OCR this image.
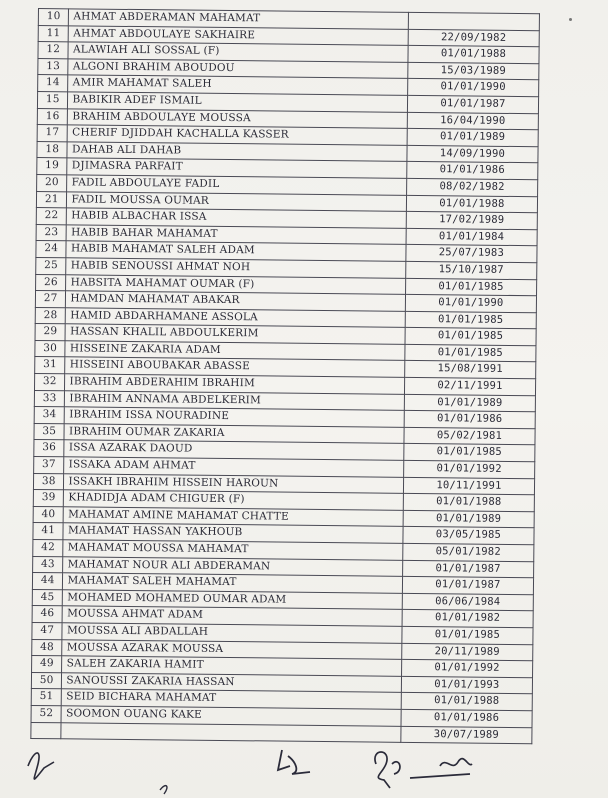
10	AHMAT ABDERAMAN MAHAMAT	
11	AHMAT ABDOULAYE SAKHAIRE	22/09/1982
12	ALAWIAH ALI SOSSAL (F)	01/01/1988
13	ALGONI BRAHIM ABOUDOU	15/03/1989
14	AMIR MAHAMAT SALEH	01/01/1990
15	BABIKIR ADEF ISMAIL	01/01/1987
16	BRAHIM ABDOULAYE MOUSSA	16/04/1990
17	CHERIF DJIDDAH KACHALLA KASSER	01/01/1989
18	DAHAB ALI DAHAB	14/09/1990
19	DJIMASRA PARFAIT	01/01/1986
20	FADIL ABDOULAYE FADIL	08/02/1982
21	FADIL MOUSSA OUMAR	01/01/1988
22	HABIB ALBACHAR ISSA	17/02/1989
23	HABIB BAHAR MAHAMAT	01/01/1984
24	HABIB MAHAMAT SALEH ADAM	25/07/1983
25	HABIB SENOUSSI AHMAT NOH	15/10/1987
26	HABSITA MAHAMAT OUMAR (F)	01/01/1985
27	HAMDAN MAHAMAT ABAKAR	01/01/1990
28	HAMID ABDARHAMANE ASSOLA	01/01/1985
29	HASSAN KHALIL ABDOULKERIM	01/01/1985
30	HISSEINE ZAKARIA ADAM	01/01/1985
31	HISSEINI ABOUBAKAR ABASSE	15/08/1991
32	IBRAHIM ABDERAHIM IBRAHIM	02/11/1991
33	IBRAHIM ANNAMA ABDELKERIM	01/01/1989
34	IBRAHIM ISSA NOURADINE	01/01/1986
35	IBRAHIM OUMAR ZAKARIA	05/02/1981
36	ISSA AZARAK DAOUD	01/01/1985
37	ISSAKA ADAM AHMAT	01/01/1992
38	ISSAKH IBRAHIM HISSEIN HAROUN	10/11/1991
39	KHADIDJA ADAM CHIGUER (F)	01/01/1988
40	MAHAMAT AMINE MAHAMAT CHATTE	01/01/1989
41	MAHAMAT HASSAN YAKHOUB	03/05/1985
42	MAHAMAT MOUSSA MAHAMAT	05/01/1982
43	MAHAMAT NOUR ALI ABDERAMAN	01/01/1987
44	MAHAMAT SALEH MAHAMAT	01/01/1987
45	MOHAMED MOHAMED OUMAR ADAM	06/06/1984
46	MOUSSA AHMAT ADAM	01/01/1982
47	MOUSSA ALI ABDALLAH	01/01/1985
48	MOUSSA AZARAK MOUSSA	20/11/1989
49	SALEH ZAKARIA HAMIT	01/01/1992
50	SANOUSSI ZAKARIA HASSAN	01/01/1993
51	SEID BICHARA MAHAMAT	01/01/1988
52	SOOMON OUANG KAKE	01/01/1986
		30/07/1989
